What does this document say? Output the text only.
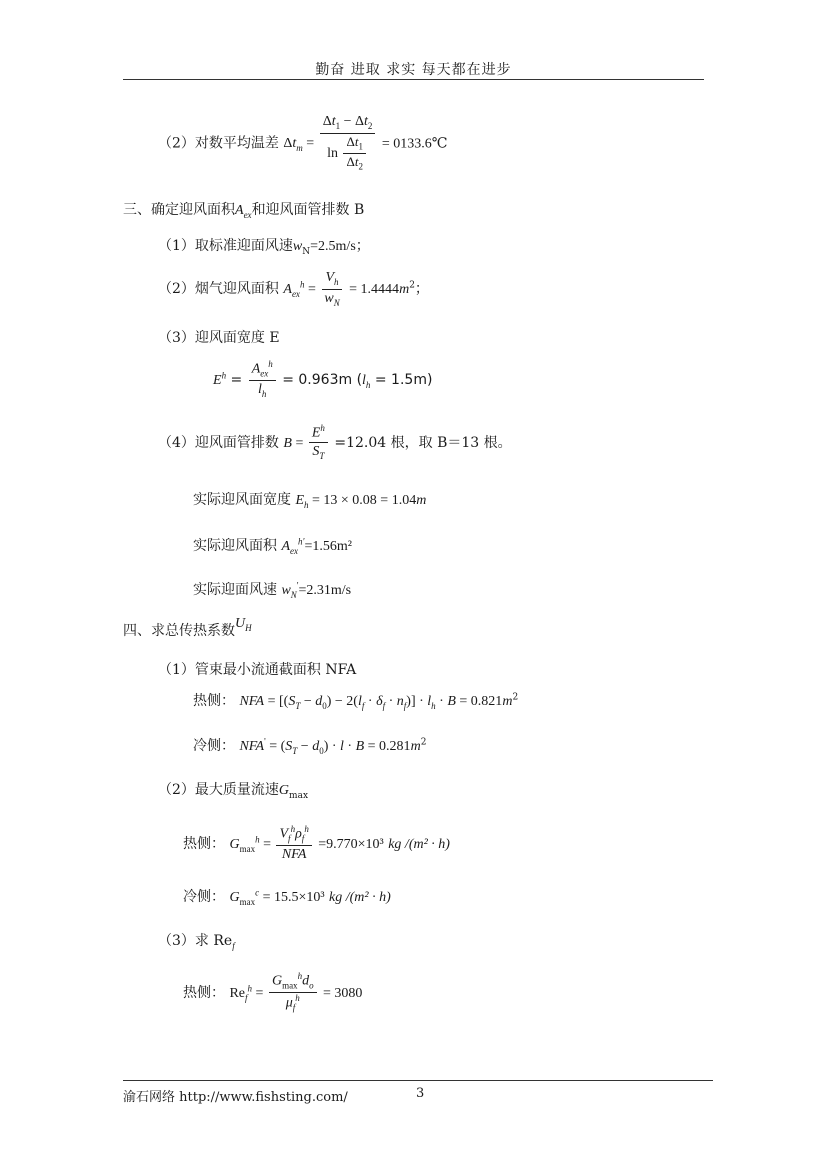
勤奋 进取 求实 每天都在进步
（2）对数平均温差 $\Delta t_m = \frac{\Delta t_1 - \Delta t_2}{\ln \frac{\Delta t_1}{\Delta t_2}}$ = 0133.6℃
三、确定迎风面积$A_{ex}$和迎风面管排数 B
（1）取标准迎面风速$w_N=2.5m/s$；
（2）烟气迎风面积 $A_{ex}^h = \frac{V_h}{w_N} = 1.4444m^2$；
（3）迎风面宽度 E
$E^h = \frac{A_{ex}^h}{l_h} = 0.963m$ $(l_h = 1.5m)$
（4）迎风面管排数 $B = \frac{E^h}{S_T} =12.04$ 根，取 B＝13 根。
实际迎风面宽度 $E_h = 13 \times 0.08 = 1.04m$
实际迎风面积 $A_{ex}^{h'}=1.56m^2$
实际迎面风速 $w_N'=2.31m/s$
四、求总传热系数$U_H$
（1）管束最小流通截面积 NFA
热侧： NFA = $[(S_T - d_0) - 2(l_f \cdot \delta_f \cdot n_f)] \cdot l_h \cdot B = 0.821m^2$
冷侧： $NFA' = (S_T - d_0) \cdot l \cdot B = 0.281m^2$
（2）最大质量流速$G_{max}$
热侧： $G_{max}^h = \frac{V_f^h\rho_f^h}{\text{NFA}} =9.770\times 10^3$ kg /(m² · h)
冷侧： $G_{max}^c = 15.5\times 10^3$ kg /(m² · h)
（3）求 $Re_f$
热侧： $Re_f^h = \frac{G_{max}^hd_o}{\mu_f^h} = 3080$
渝石网络 http://www.fishsting.com/	3
